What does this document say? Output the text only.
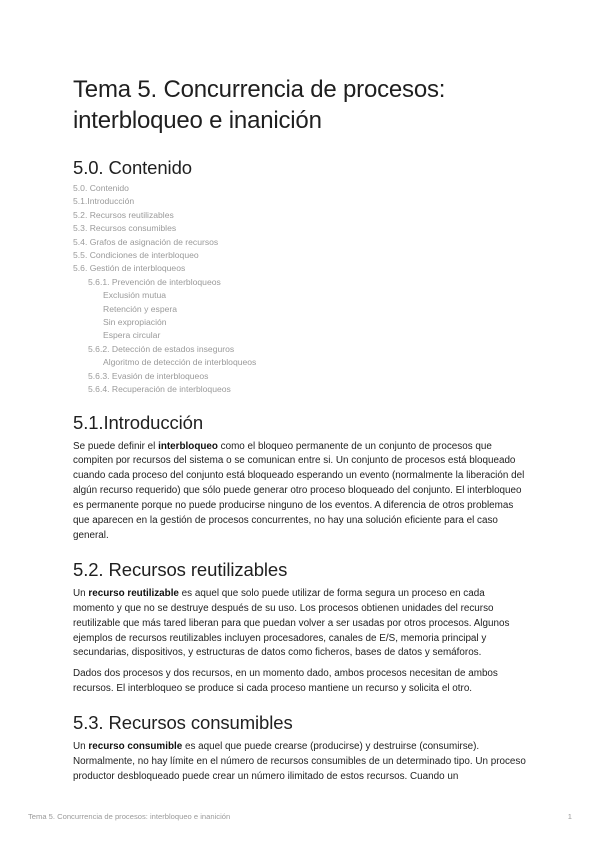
Tema 5. Concurrencia de procesos: interbloqueo e inanición
5.0. Contenido
5.0. Contenido
5.1.Introducción
5.2. Recursos reutilizables
5.3. Recursos consumibles
5.4. Grafos de asignación de recursos
5.5. Condiciones de interbloqueo
5.6. Gestión de interbloqueos
5.6.1. Prevención de interbloqueos
Exclusión mutua
Retención y espera
Sin expropiación
Espera circular
5.6.2. Detección de estados inseguros
Algoritmo de detección de interbloqueos
5.6.3. Evasión de interbloqueos
5.6.4. Recuperación de interbloqueos
5.1.Introducción

Se puede definir el interbloqueo como el bloqueo permanente de un conjunto de procesos que compiten por recursos del sistema o se comunican entre si. Un conjunto de procesos está bloqueado cuando cada proceso del conjunto está bloqueado esperando un evento (normalmente la liberación del algún recurso requerido) que sólo puede generar otro proceso bloqueado del conjunto. El interbloqueo es permanente porque no puede producirse ninguno de los eventos. A diferencia de otros problemas que aparecen en la gestión de procesos concurrentes, no hay una solución eficiente para el caso general.

5.2. Recursos reutilizables

Un recurso reutilizable es aquel que solo puede utilizar de forma segura un proceso en cada momento y que no se destruye después de su uso. Los procesos obtienen unidades del recurso reutilizable que más tared liberan para que puedan volver a ser usadas por otros procesos. Algunos ejemplos de recursos reutilizables incluyen procesadores, canales de E/S, memoria principal y secundarias, dispositivos, y estructuras de datos como ficheros, bases de datos y semáforos.

Dados dos procesos y dos recursos, en un momento dado, ambos procesos necesitan de ambos recursos. El interbloqueo se produce si cada proceso mantiene un recurso y solicita el otro.

5.3. Recursos consumibles

Un recurso consumible es aquel que puede crearse (producirse) y destruirse (consumirse). Normalmente, no hay límite en el número de recursos consumibles de un determinado tipo. Un proceso productor desbloqueado puede crear un número ilimitado de estos recursos. Cuando un

Tema 5. Concurrencia de procesos: interbloqueo e inanición	1
